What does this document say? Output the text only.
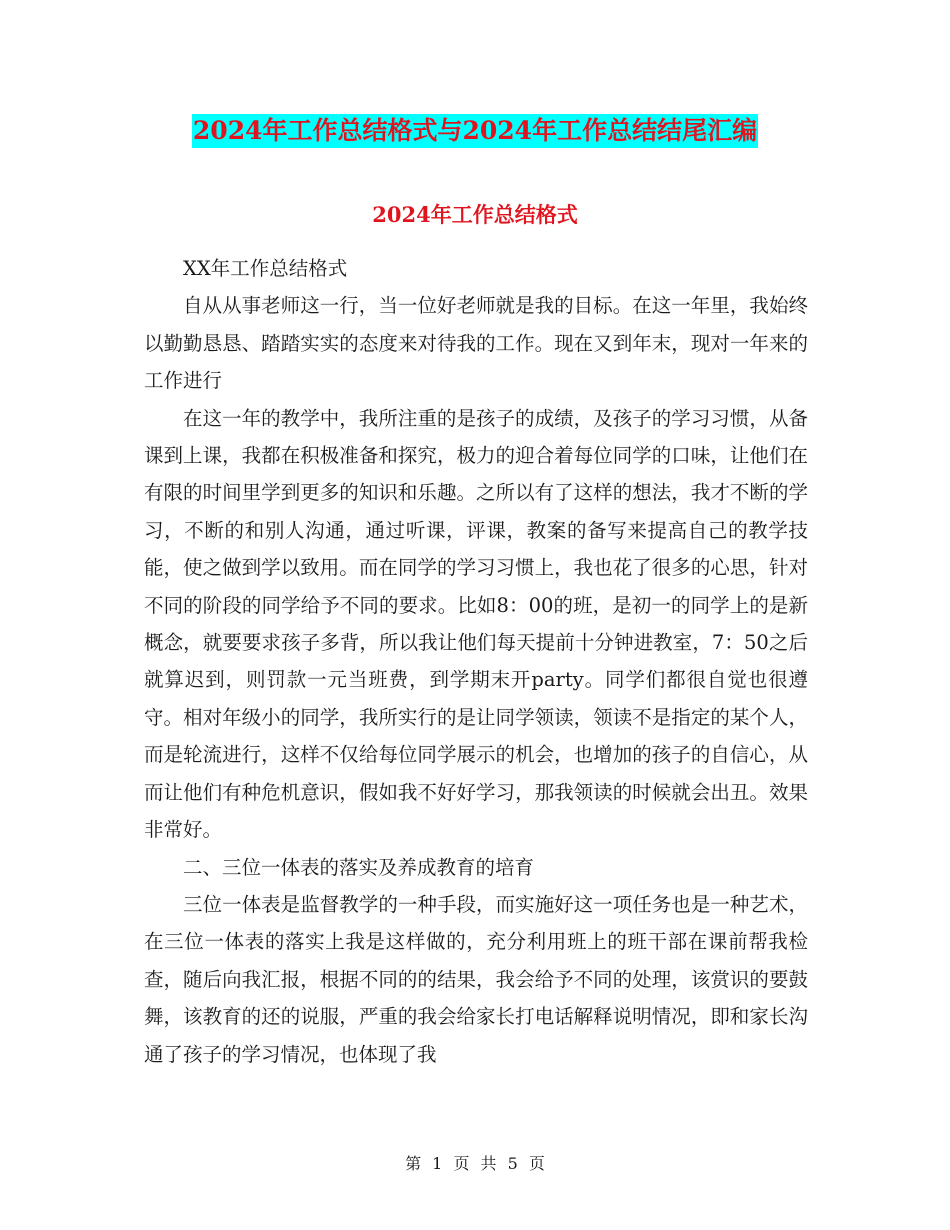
2024年工作总结格式与2024年工作总结结尾汇编
2024年工作总结格式

XX年工作总结格式

自从从事老师这一行，当一位好老师就是我的目标。在这一年里，我始终以勤勤恳恳、踏踏实实的态度来对待我的工作。现在又到年末，现对一年来的工作进行

在这一年的教学中，我所注重的是孩子的成绩，及孩子的学习习惯，从备课到上课，我都在积极准备和探究，极力的迎合着每位同学的口味，让他们在有限的时间里学到更多的知识和乐趣。之所以有了这样的想法，我才不断的学习，不断的和别人沟通，通过听课，评课，教案的备写来提高自己的教学技能，使之做到学以致用。而在同学的学习习惯上，我也花了很多的心思，针对不同的阶段的同学给予不同的要求。比如8：00的班，是初一的同学上的是新概念，就要要求孩子多背，所以我让他们每天提前十分钟进教室，7：50之后就算迟到，则罚款一元当班费，到学期末开party。同学们都很自觉也很遵守。相对年级小的同学，我所实行的是让同学领读，领读不是指定的某个人，而是轮流进行，这样不仅给每位同学展示的机会，也增加的孩子的自信心，从而让他们有种危机意识，假如我不好好学习，那我领读的时候就会出丑。效果非常好。

二、三位一体表的落实及养成教育的培育

三位一体表是监督教学的一种手段，而实施好这一项任务也是一种艺术，在三位一体表的落实上我是这样做的，充分利用班上的班干部在课前帮我检查，随后向我汇报，根据不同的的结果，我会给予不同的处理，该赏识的要鼓舞，该教育的还的说服，严重的我会给家长打电话解释说明情况，即和家长沟通了孩子的学习情况，也体现了我

第 1 页 共 5 页
